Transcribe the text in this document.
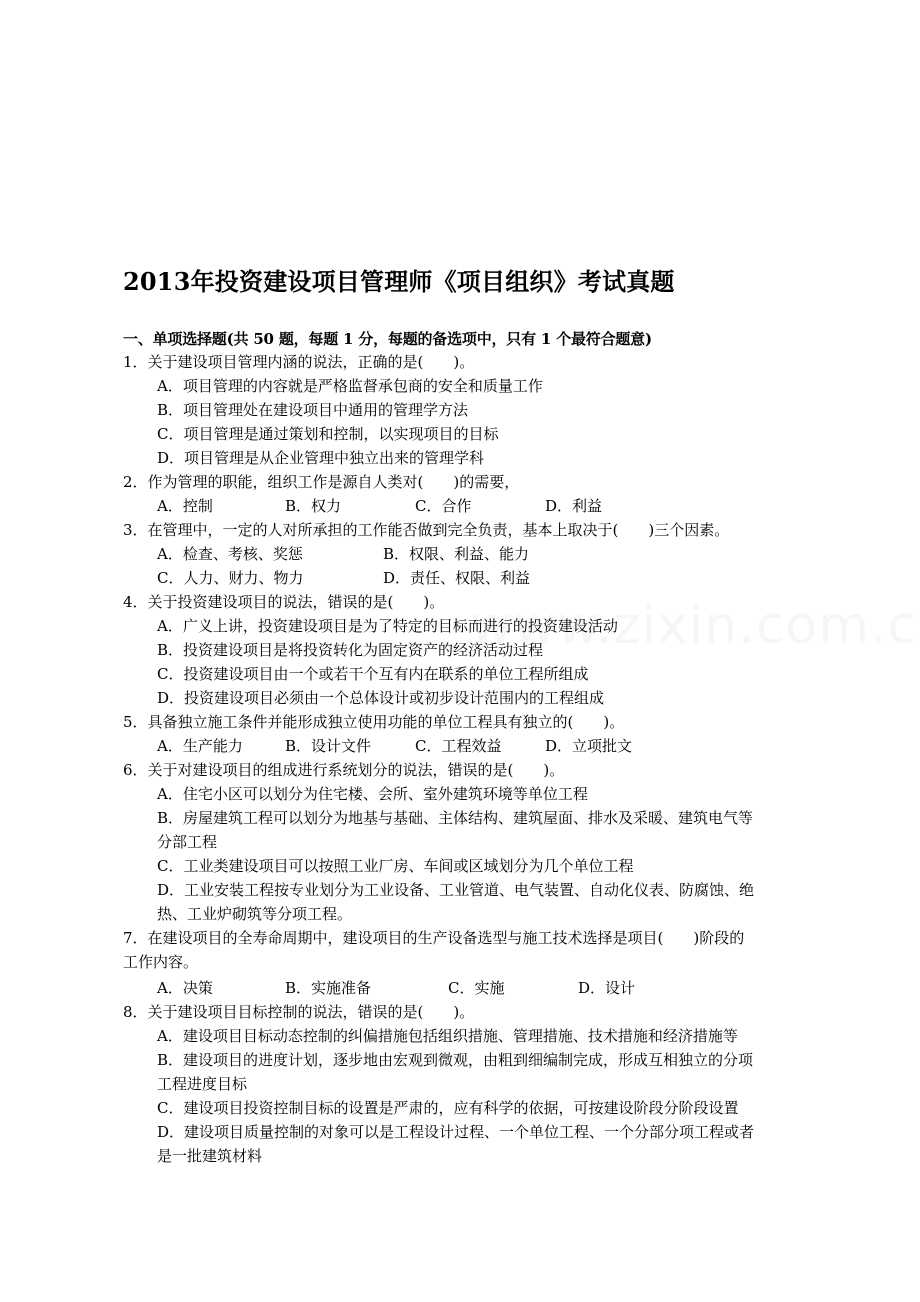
2013年投资建设项目管理师《项目组织》考试真题
一、单项选择题(共 50 题，每题 1 分，每题的备选项中，只有 1 个最符合题意)
1．关于建设项目管理内涵的说法，正确的是(　　)。
A．项目管理的内容就是严格监督承包商的安全和质量工作
B．项目管理处在建设项目中通用的管理学方法
C．项目管理是通过策划和控制，以实现项目的目标
D．项目管理是从企业管理中独立出来的管理学科
2．作为管理的职能，组织工作是源自人类对(　　)的需要，
A．控制	B．权力	C．合作	D．利益
3．在管理中，一定的人对所承担的工作能否做到完全负责，基本上取决于(　　)三个因素。
A．检查、考核、奖惩	B．权限、利益、能力
C．人力、财力、物力	D．责任、权限、利益
4．关于投资建设项目的说法，错误的是(　　)。
A．广义上讲，投资建设项目是为了特定的目标而进行的投资建设活动
B．投资建设项目是将投资转化为固定资产的经济活动过程
C．投资建设项目由一个或若干个互有内在联系的单位工程所组成
D．投资建设项目必须由一个总体设计或初步设计范围内的工程组成
5．具备独立施工条件并能形成独立使用功能的单位工程具有独立的(　　)。
A．生产能力	B．设计文件	C．工程效益	D．立项批文
6．关于对建设项目的组成进行系统划分的说法，错误的是(　　)。
A．住宅小区可以划分为住宅楼、会所、室外建筑环境等单位工程
B．房屋建筑工程可以划分为地基与基础、主体结构、建筑屋面、排水及采暖、建筑电气等
分部工程
C．工业类建设项目可以按照工业厂房、车间或区域划分为几个单位工程
D．工业安装工程按专业划分为工业设备、工业管道、电气装置、自动化仪表、防腐蚀、绝
热、工业炉砌筑等分项工程。
7．在建设项目的全寿命周期中，建设项目的生产设备选型与施工技术选择是项目(　　)阶段的
工作内容。
A．决策	B．实施准备	C．实施	D．设计
8．关于建设项目目标控制的说法，错误的是(　　)。
A．建设项目目标动态控制的纠偏措施包括组织措施、管理措施、技术措施和经济措施等
B．建设项目的进度计划，逐步地由宏观到微观，由粗到细编制完成，形成互相独立的分项
工程进度目标
C．建设项目投资控制目标的设置是严肃的，应有科学的依据，可按建设阶段分阶段设置
D．建设项目质量控制的对象可以是工程设计过程、一个单位工程、一个分部分项工程或者
是一批建筑材料
